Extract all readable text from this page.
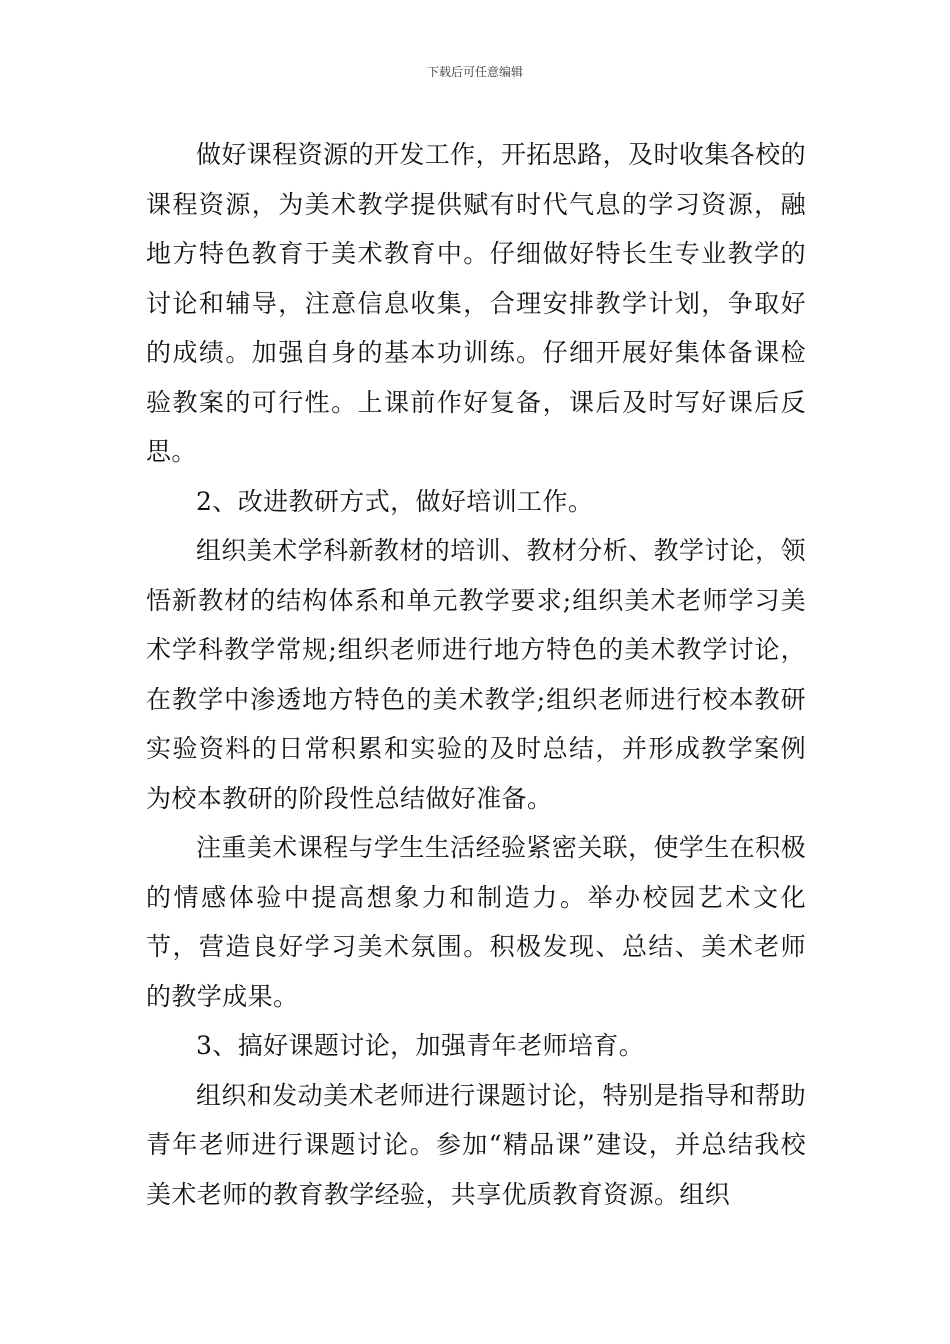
下载后可任意编辑

做好课程资源的开发工作，开拓思路，及时收集各校的课程资源，为美术教学提供赋有时代气息的学习资源，融地方特色教育于美术教育中。仔细做好特长生专业教学的讨论和辅导，注意信息收集，合理安排教学计划，争取好的成绩。加强自身的基本功训练。仔细开展好集体备课检验教案的可行性。上课前作好复备，课后及时写好课后反思。

2、改进教研方式，做好培训工作。

组织美术学科新教材的培训、教材分析、教学讨论，领悟新教材的结构体系和单元教学要求;组织美术老师学习美术学科教学常规;组织老师进行地方特色的美术教学讨论，在教学中渗透地方特色的美术教学;组织老师进行校本教研实验资料的日常积累和实验的及时总结，并形成教学案例为校本教研的阶段性总结做好准备。

注重美术课程与学生生活经验紧密关联，使学生在积极的情感体验中提高想象力和制造力。举办校园艺术文化节，营造良好学习美术氛围。积极发现、总结、美术老师的教学成果。

3、搞好课题讨论，加强青年老师培育。

组织和发动美术老师进行课题讨论，特别是指导和帮助青年老师进行课题讨论。参加“精品课”建设，并总结我校美术老师的教育教学经验，共享优质教育资源。组织
